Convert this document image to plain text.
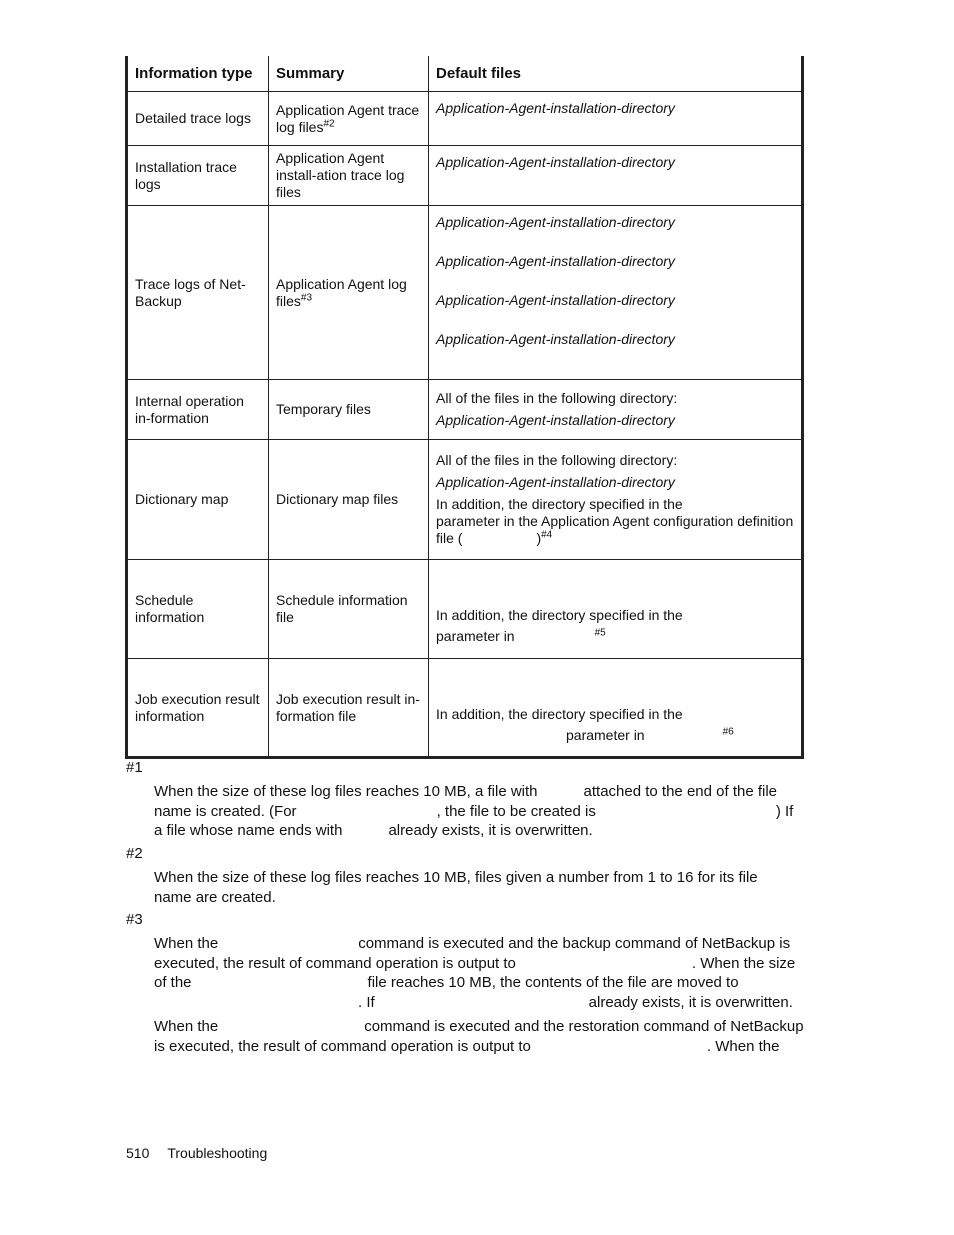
Information type	Summary	Default files
Detailed trace logs	Application Agent trace log files$^{\#2}$	Application-Agent-installation-directory

Installation trace logs	Application Agent install-ation trace log files	Application-Agent-installation-directory

Trace logs of Net-Backup	Application Agent log files$^{\#3}$	Application-Agent-installation-directory
Application-Agent-installation-directory
Application-Agent-installation-directory
Application-Agent-installation-directory

Internal operation in-formation	Temporary files	All of the files in the following directory:
Application-Agent-installation-directory

Dictionary map	Dictionary map files	All of the files in the following directory:
Application-Agent-installation-directory
In addition, the directory specified in the
parameter in the Application Agent configuration definition
file ( )$^{\#4}$

Schedule information	Schedule information file	In addition, the directory specified in the
parameter in $^{\#5}$

Job execution result information	Job execution result in-formation file	In addition, the directory specified in the
parameter in $^{\#6}$
#1

When the size of these log files reaches 10 MB, a file with	attached to the end of the file
name is created. (For	, the file to be created is	) If
a file whose name ends with	already exists, it is overwritten.

#2

When the size of these log files reaches 10 MB, files given a number from 1 to 16 for its file
name are created.

#3

When the	command is executed and the backup command of NetBackup is
executed, the result of command operation is output to	. When the size
of the	file reaches 10 MB, the contents of the file are moved to
. If	already exists, it is overwritten.

When the	command is executed and the restoration command of NetBackup
is executed, the result of command operation is output to	. When the

510 Troubleshooting
